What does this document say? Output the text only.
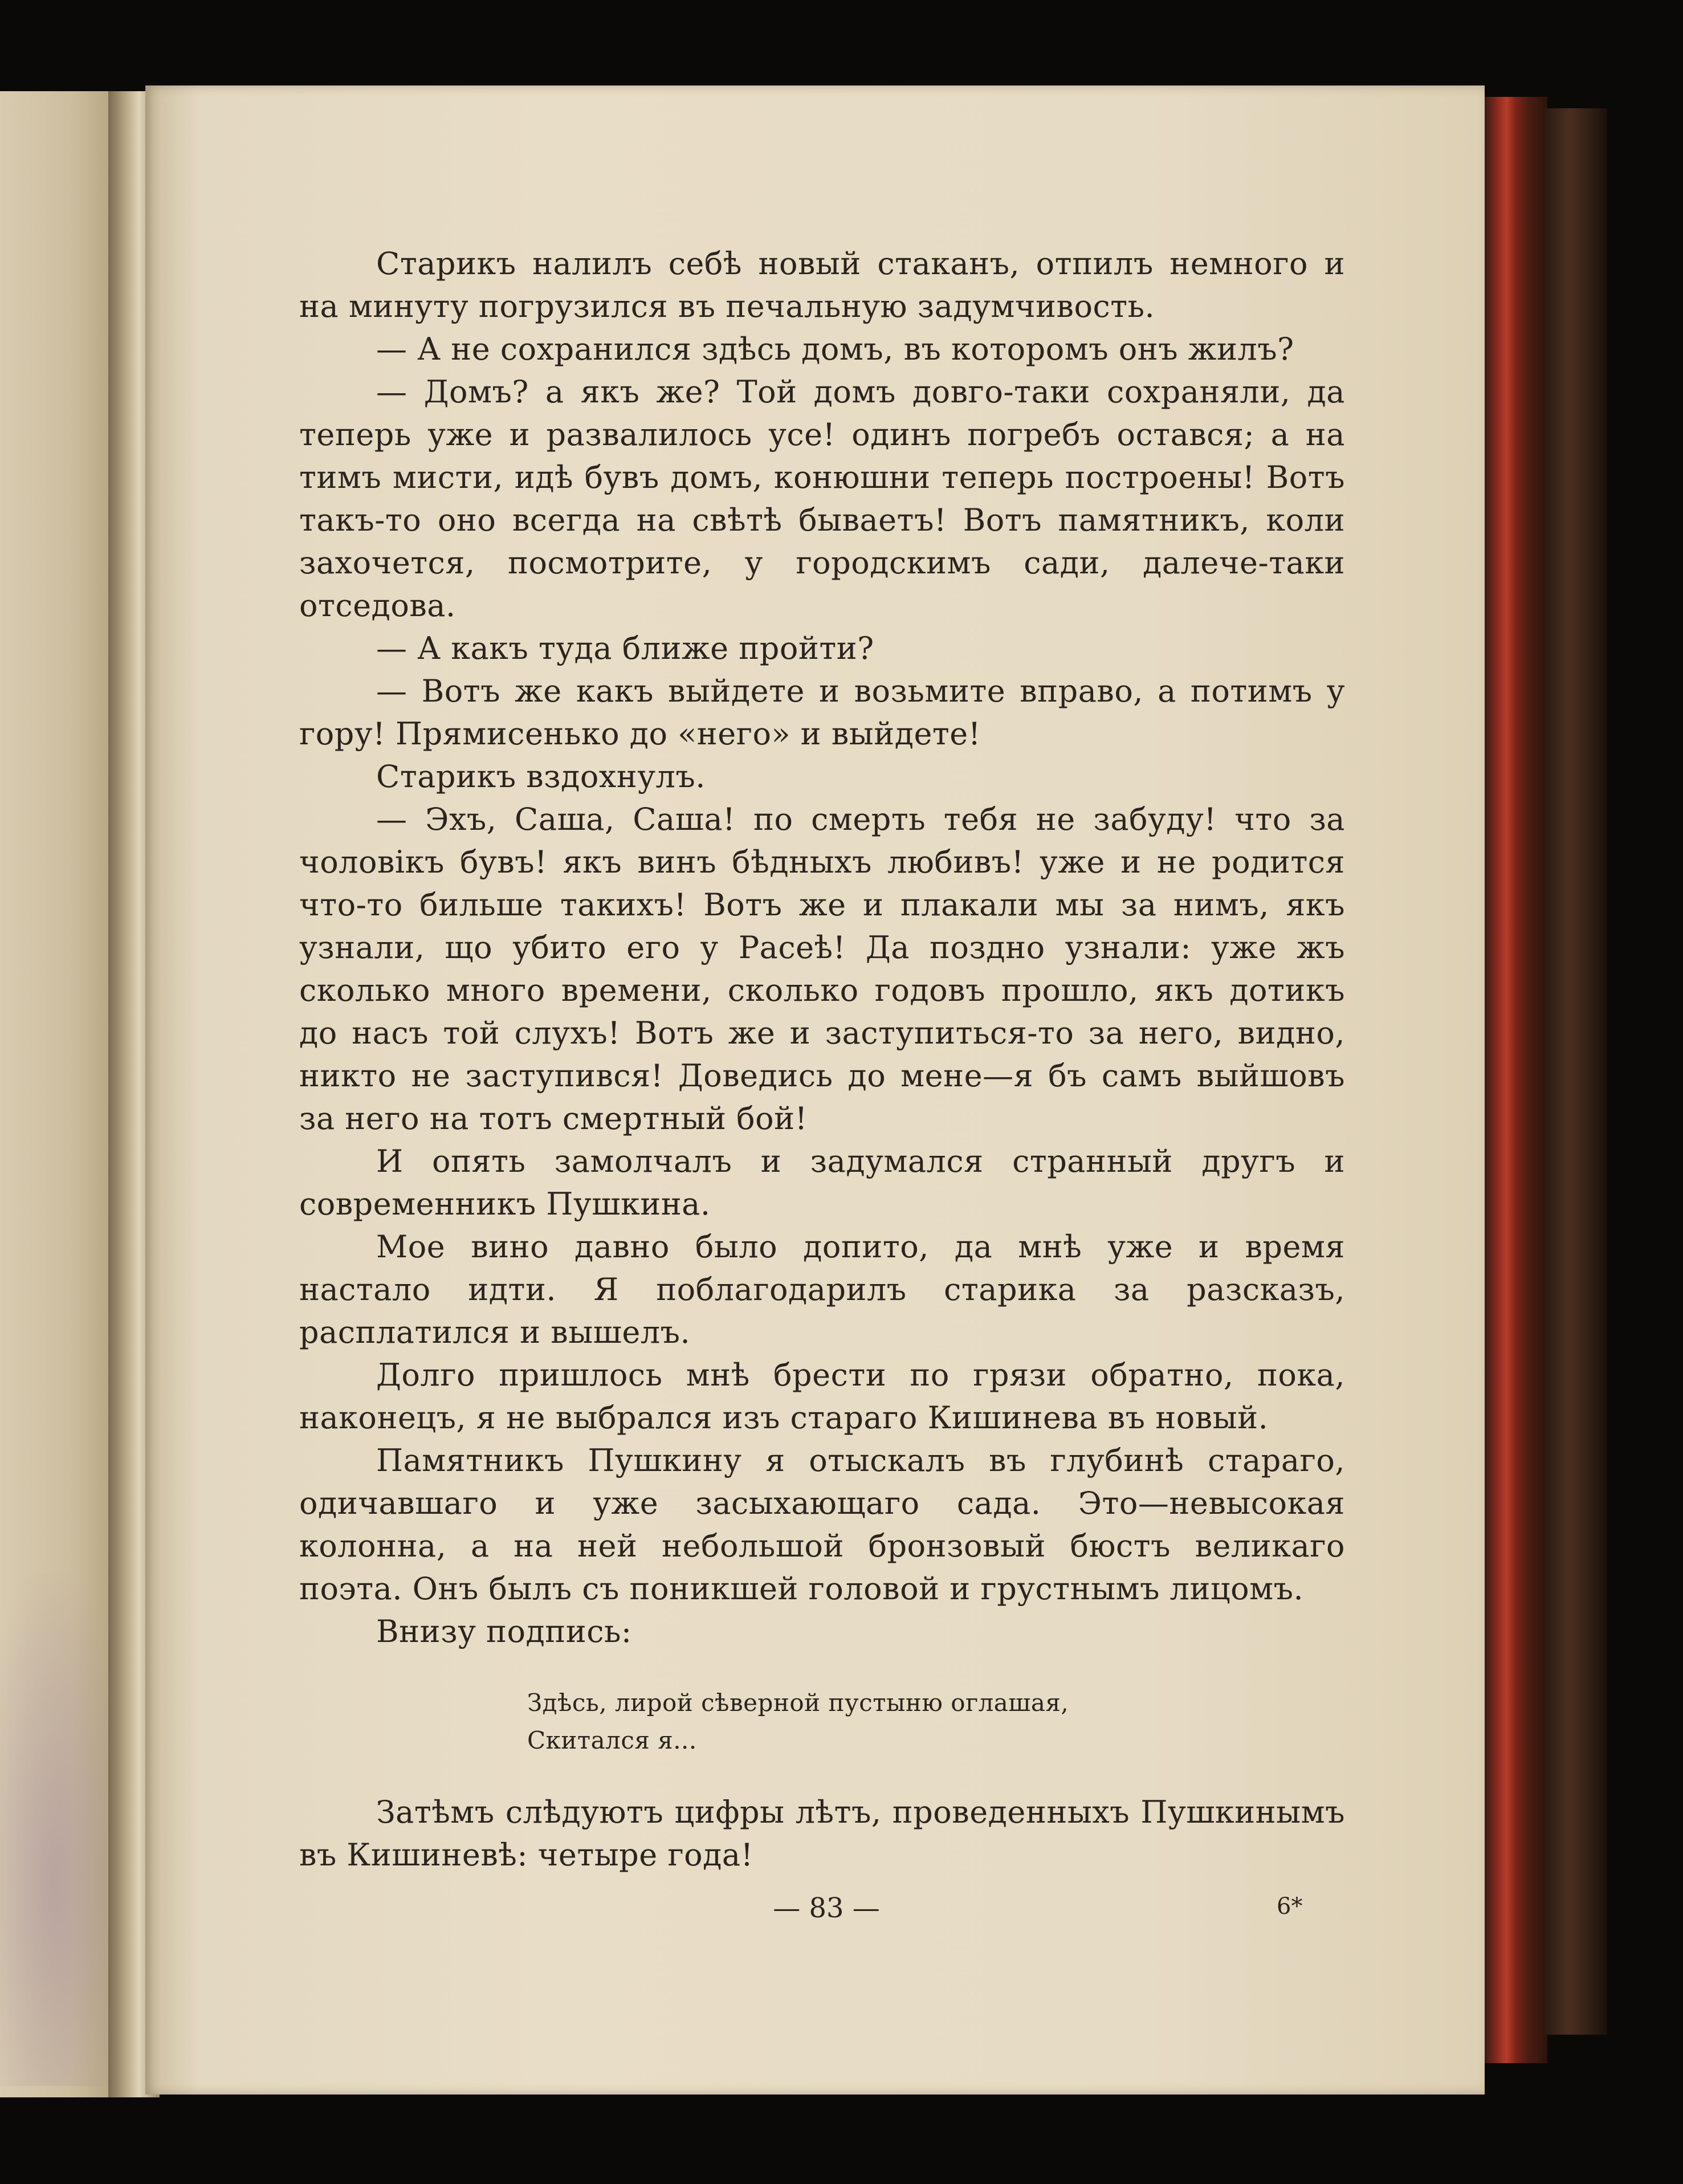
Старикъ налилъ себѣ новый стаканъ, отпилъ немного и на минуту погрузился въ печальную задумчивость.

— А не сохранился здѣсь домъ, въ которомъ онъ жилъ?

— Домъ? а якъ же? Той домъ довго-таки сохраняли, да теперь уже и развалилось усе! одинъ погребъ остався; а на тимъ мисти, идѣ бувъ домъ, конюшни теперь построены! Вотъ такъ-то оно всегда на свѣтѣ бываетъ! Вотъ памятникъ, коли захочется, посмотрите, у городскимъ сади, далече-таки отседова.

— А какъ туда ближе пройти?

— Вотъ же какъ выйдете и возьмите вправо, а потимъ у гору! Прямисенько до «него» и выйдете!

Старикъ вздохнулъ.

— Эхъ, Саша, Саша! по смерть тебя не забуду! что за чоловiкъ бувъ! якъ винъ бѣдныхъ любивъ! уже и не родится что-то бильше такихъ! Вотъ же и плакали мы за нимъ, якъ узнали, що убито его у Расеѣ! Да поздно узнали: уже жъ сколько много времени, сколько годовъ прошло, якъ дотикъ до насъ той слухъ! Вотъ же и заступиться-то за него, видно, никто не заступився! Доведись до мене—я бъ самъ выйшовъ за него на тотъ смертный бой!

И опять замолчалъ и задумался странный другъ и современникъ Пушкина.

Мое вино давно было допито, да мнѣ уже и время настало идти. Я поблагодарилъ старика за разсказъ, расплатился и вышелъ.

Долго пришлось мнѣ брести по грязи обратно, пока, наконецъ, я не выбрался изъ стараго Кишинева въ новый.

Памятникъ Пушкину я отыскалъ въ глубинѣ стараго, одичавшаго и уже засыхающаго сада. Это—невысокая колонна, а на ней небольшой бронзовый бюстъ великаго поэта. Онъ былъ съ поникшей головой и грустнымъ лицомъ.

Внизу подпись:

Здѣсь, лирой сѣверной пустыню оглашая,
Скитался я...

Затѣмъ слѣдуютъ цифры лѣтъ, проведенныхъ Пушкинымъ въ Кишиневѣ: четыре года!

— 83 —	6*
